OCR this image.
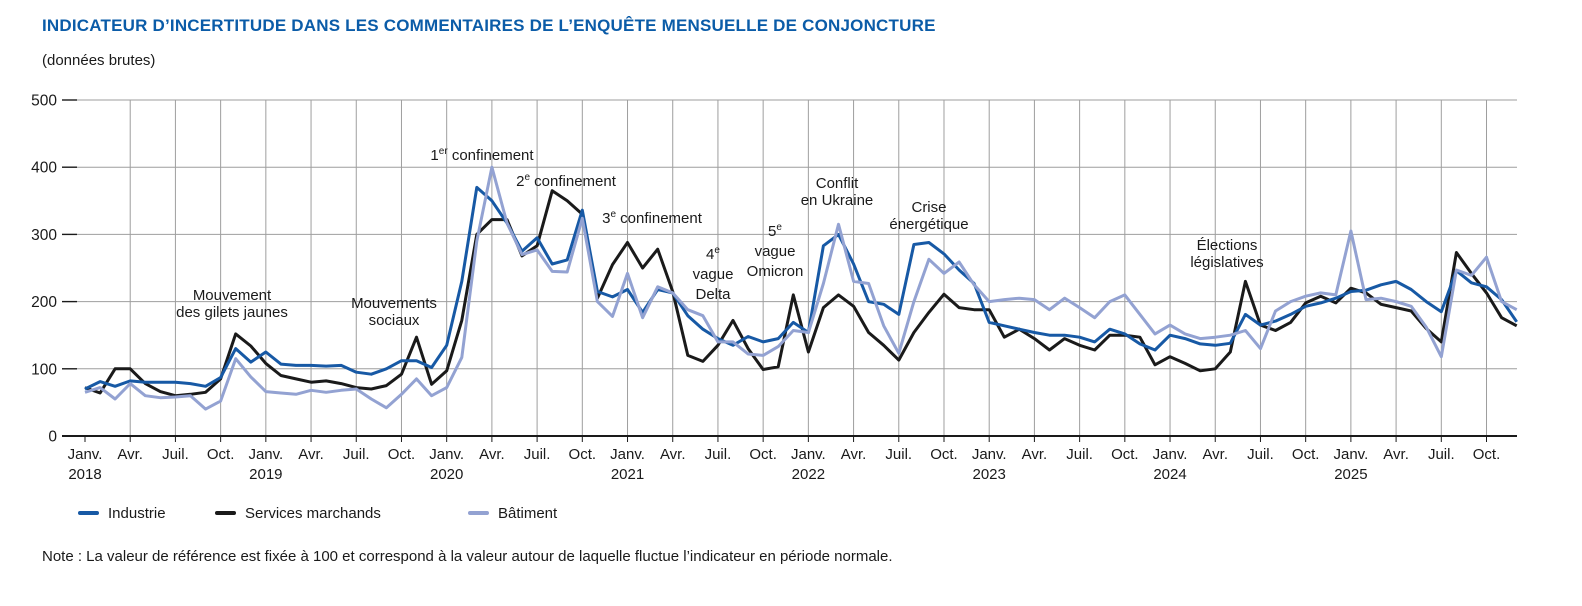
INDICATEUR D’INCERTITUDE DANS LES COMMENTAIRES DE L’ENQUÊTE MENSUELLE DE CONJONCTURE
(données brutes)
0
100
200
300
400
500
Janv.
2018
Avr. Juil. Oct. Janv.
2019
Avr. Juil. Oct. Janv.
2020
Avr. Juil. Oct. Janv.
2021
Avr. Juil. Oct. Janv.
2022
Avr. Juil. Oct. Janv.
2023
Avr. Juil. Oct. Janv.
2024
Avr. Juil. Oct. Janv.
2025
Avr. Juil. Oct.
Mouvement
des gilets jaunes
Mouvements
sociaux
1er confinement
2e confinement
3e confinement
4e
vague
Delta
5e
vague
Omicron
Conflit
en Ukraine	Crise
énergétique
Élections
législatives
Industrie	Services marchands	Bâtiment

Note : La valeur de référence est fixée à 100 et correspond à la valeur autour de laquelle fluctue l’indicateur en période normale.
